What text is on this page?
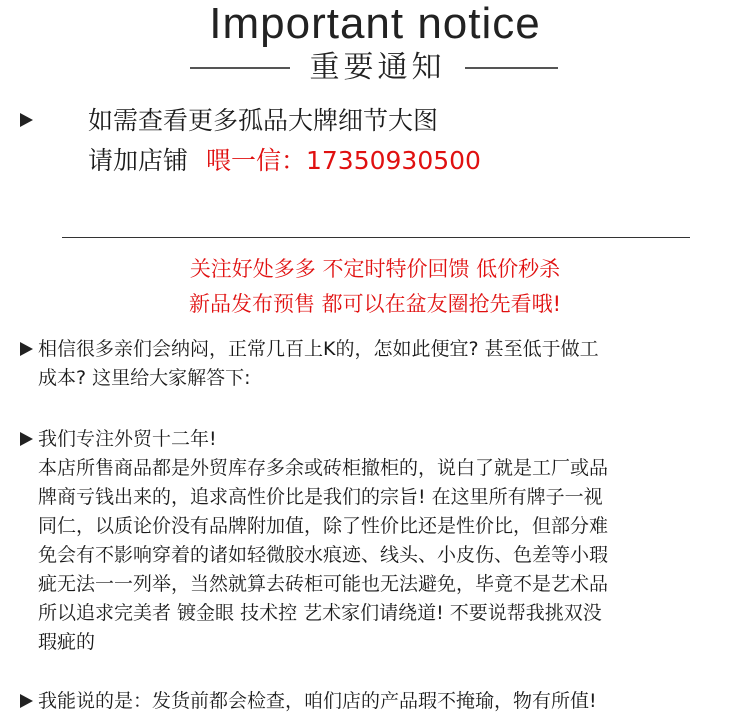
Important notice
重要通知
如需查看更多孤品大牌细节大图
请加店铺 喂一信：17350930500
关注好处多多 不定时特价回馈 低价秒杀
新品发布预售 都可以在盆友圈抢先看哦!
相信很多亲们会纳闷，正常几百上K的，怎如此便宜? 甚至低于做工
成本? 这里给大家解答下:
我们专注外贸十二年!
本店所售商品都是外贸库存多余或砖柜撤柜的，说白了就是工厂或品
牌商亏钱出来的，追求高性价比是我们的宗旨! 在这里所有牌子一视
同仁，以质论价没有品牌附加值，除了性价比还是性价比，但部分难
免会有不影响穿着的诸如轻微胶水痕迹、线头、小皮伤、色差等小瑕
疵无法一一列举，当然就算去砖柜可能也无法避免，毕竟不是艺术品
所以追求完美者 镀金眼 技术控 艺术家们请绕道! 不要说帮我挑双没
瑕疵的
我能说的是：发货前都会检查，咱们店的产品瑕不掩瑜，物有所值!
